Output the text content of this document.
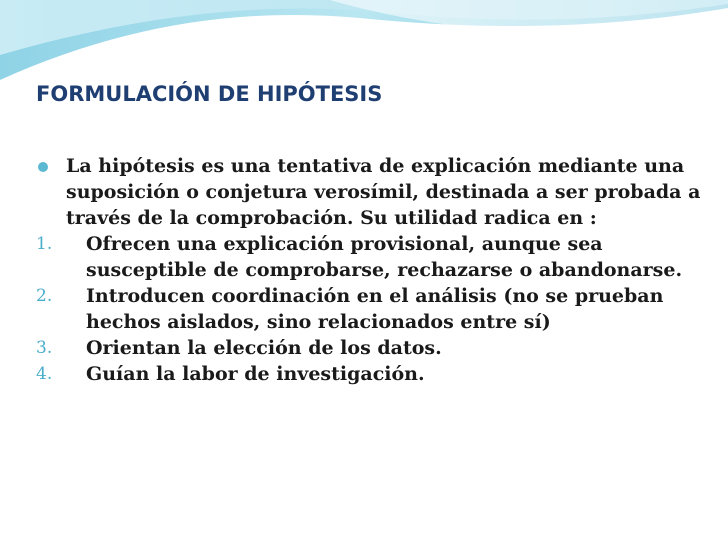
FORMULACIÓN DE HIPÓTESIS

La hipótesis es una tentativa de explicación mediante una suposición o conjetura verosímil, destinada a ser probada a través de la comprobación. Su utilidad radica en :

1. Ofrecen una explicación provisional, aunque sea susceptible de comprobarse, rechazarse o abandonarse.

2. Introducen coordinación en el análisis (no se prueban hechos aislados, sino relacionados entre sí)

3. Orientan la elección de los datos.

4. Guían la labor de investigación.
